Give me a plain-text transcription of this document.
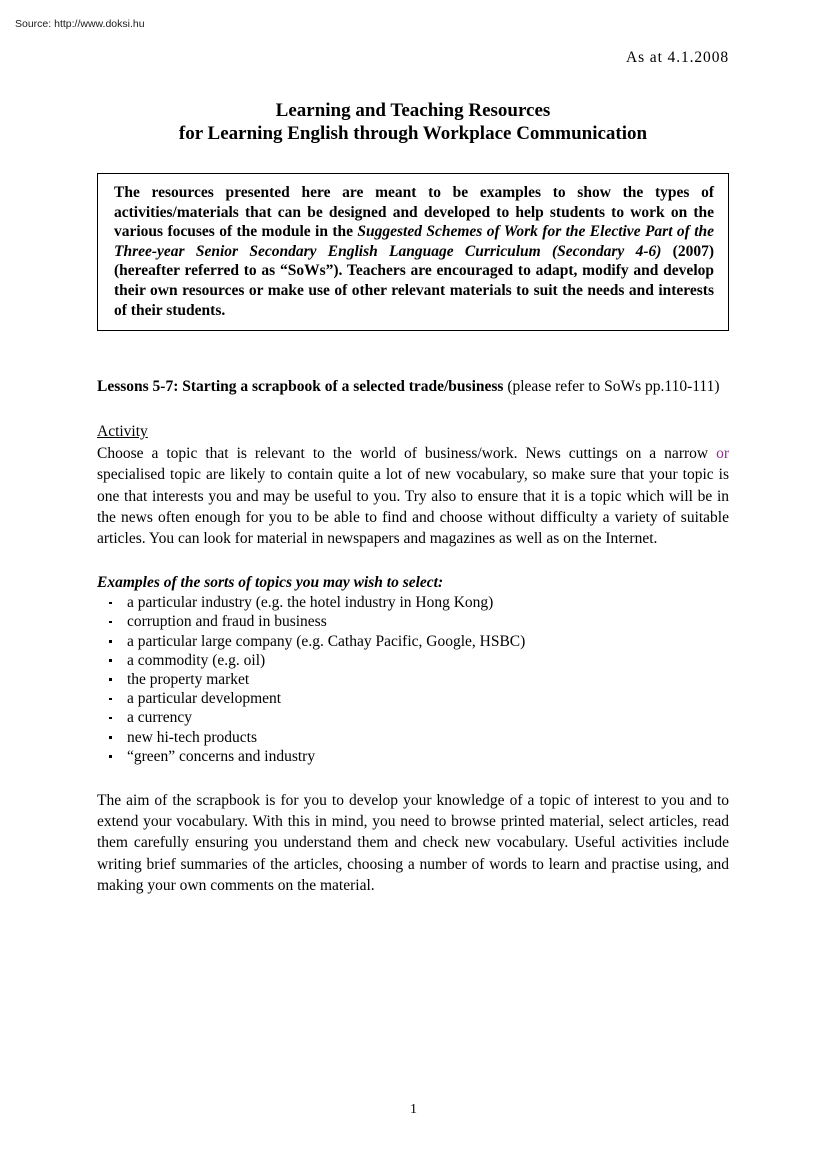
Source: http://www.doksi.hu
As at 4.1.2008
Learning and Teaching Resources
for Learning English through Workplace Communication
The resources presented here are meant to be examples to show the types of activities/materials that can be designed and developed to help students to work on the various focuses of the module in the Suggested Schemes of Work for the Elective Part of the Three-year Senior Secondary English Language Curriculum (Secondary 4-6) (2007) (hereafter referred to as “SoWs”). Teachers are encouraged to adapt, modify and develop their own resources or make use of other relevant materials to suit the needs and interests of their students.
Lessons 5-7: Starting a scrapbook of a selected trade/business (please refer to SoWs pp.110-111)
Activity

Choose a topic that is relevant to the world of business/work. News cuttings on a narrow or specialised topic are likely to contain quite a lot of new vocabulary, so make sure that your topic is one that interests you and may be useful to you. Try also to ensure that it is a topic which will be in the news often enough for you to be able to find and choose without difficulty a variety of suitable articles. You can look for material in newspapers and magazines as well as on the Internet.

Examples of the sorts of topics you may wish to select:
a particular industry (e.g. the hotel industry in Hong Kong)
corruption and fraud in business
a particular large company (e.g. Cathay Pacific, Google, HSBC)
a commodity (e.g. oil)
the property market
a particular development
a currency
new hi-tech products
“green” concerns and industry

The aim of the scrapbook is for you to develop your knowledge of a topic of interest to you and to extend your vocabulary. With this in mind, you need to browse printed material, select articles, read them carefully ensuring you understand them and check new vocabulary. Useful activities include writing brief summaries of the articles, choosing a number of words to learn and practise using, and making your own comments on the material.

1
